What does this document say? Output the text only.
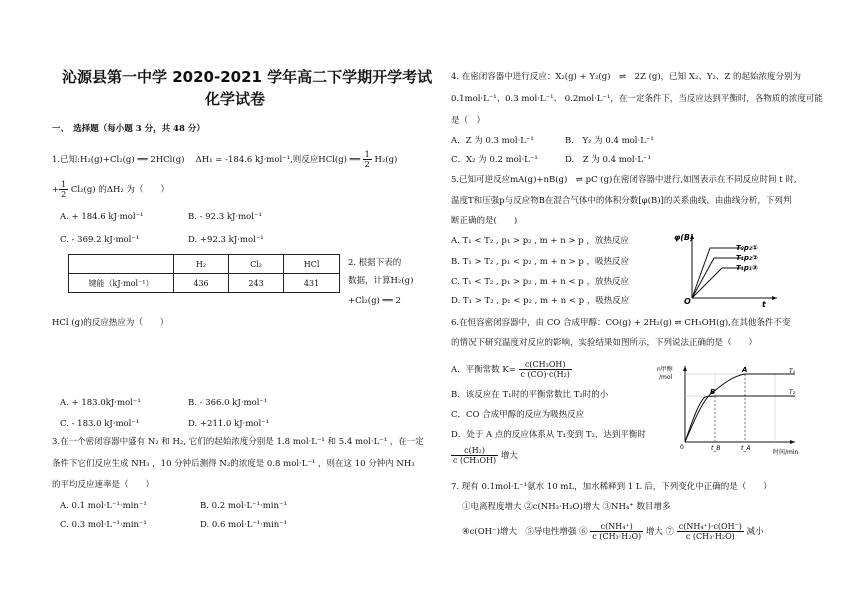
沁源县第一中学 2020-2021 学年高二下学期开学考试
化学试卷
一、　选择题（每小题 3 分，共 48 分）
1.已知:H₂(g)+Cl₂(g) ══ 2HCl(g)　 ΔH₁ = -184.6 kJ·mol⁻¹,则反应HCl(g) ══ $\frac{1}{2} H_2(g)$
+ $\frac{1}{2} Cl_2(g)$ 的ΔH₂ 为（　　）
A. + 184.6 kJ·mol⁻¹	B. - 92.3 kJ·mol⁻¹
C. - 369.2 kJ·mol⁻¹	D. +92.3 kJ·mol⁻¹
	H₂	Cl₂	HCl
键能（kJ·mol⁻¹）	436	243	431
2. 根据下表的
数据，计算H₂(g)
+Cl₂(g) ══ 2
HCl (g)的反应热应为（　　）
A. + 183.0kJ·mol⁻¹	B. - 366.0 kJ·mol⁻¹
C. - 183.0 kJ·mol⁻¹	D. +211.0 kJ·mol⁻¹
3.在一个密闭容器中盛有 N₂ 和 H₂, 它们的起始浓度分别是 1.8 mol·L⁻¹ 和 5.4 mol·L⁻¹ ，在一定
条件下它们反应生成 NH₃ ，10 分钟后测得 N₂的浓度是 0.8 mol·L⁻¹ ，则在这 10 分钟内 NH₃
的平均反应速率是（　　）
A. 0.1 mol·L⁻¹·min⁻¹	B. 0.2 mol·L⁻¹·min⁻¹
C. 0.3 mol·L⁻¹·min⁻¹	D. 0.6 mol·L⁻¹·min⁻¹
4. 在密闭容器中进行反应：X₂(g) + Y₂(g)　⇌　2Z (g)，已知 X₂、Y₂、Z 的起始浓度分别为
0.1mol·L⁻¹、0.3 mol·L⁻¹、 0.2mol·L⁻¹，在一定条件下，当反应达到平衡时，各物质的浓度可能
是（　）
A．Z 为 0.3 mol·L⁻¹	B.　Y₂ 为 0.4 mol·L⁻¹
C．X₂ 为 0.2 mol·L⁻¹	D.　Z 为 0.4 mol·L⁻¹
5.已知可逆反应mA(g)+nB(g)　⇌ pC (g)在密闭容器中进行,如图表示在不同反应时间 t 时,
温度T和压强p与反应物B在混合气体中的体积分数[φ(B)]的关系曲线，由曲线分析，下列判
断正确的是(　　)
A. T₁ < T₂ , p₁ > p₂ , m + n > p ，放热反应
B. T₁ > T₂ , p₁ < p₂ , m + n > p ，吸热反应
C. T₁ < T₂ , p₁ > p₂ , m + n < p ，放热反应
D. T₁ > T₂ , p₁ < p₂ , m + n < p ，吸热反应
φ(B)
t
O
T₂p₂①
T₁p₂②
T₁p₁③
6.在恒容密闭容器中，由 CO 合成甲醇：CO(g) + 2H₂(g) ⇌ CH₃OH(g),在其他条件不变
的情况下研究温度对反应的影响，实验结果如图所示，下列说法正确的是（　　）
A．平衡常数 $K= \frac{\text{c(CH₃OH)}}{\text{c (CO)·c(H₂)}}$
B．该反应在 T₁时的平衡常数比 T₂时的小
C．CO 合成甲醇的反应为吸热反应
D．处于 A 点的反应体系从 T₁变到 T₂，达到平衡时
$\frac{\text{c(H₂)}}{\text{c (CH₃OH)}}$ 增大
n甲醇
/mol
时间/min
0
A
B
T₁
T₂
t_B	t_A
7. 现有 0.1mol·L⁻¹氨水 10 mL，加水稀释到 1 L 后，下列变化中正确的是（　　）
①电离程度增大 ②c(NH₃·H₂O)增大 ③NH₄⁺ 数目增多
④c(OH⁻)增大　⑤导电性增强 ⑥ $\frac{\text{c(NH₄⁺)}}{\text{c (CH₃·H₂O)}}$ 增大 ⑦ $\frac{\text{c(NH₄⁺)·c(OH⁻)}}{\text{c (CH₃·H₂O)}}$ 减小
